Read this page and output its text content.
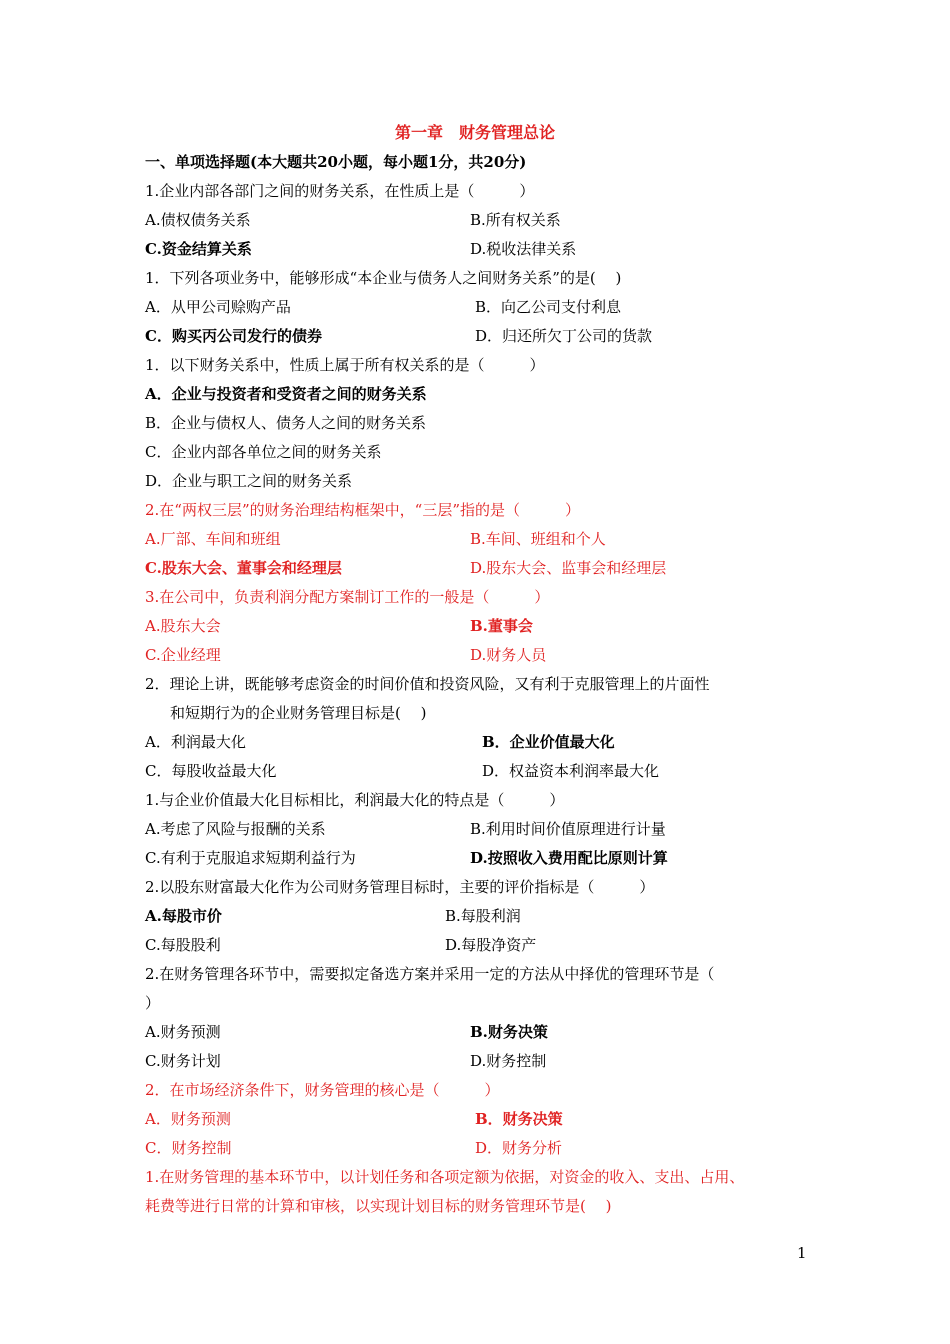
第一章　财务管理总论
一、单项选择题(本大题共20小题，每小题1分，共20分)
1.企业内部各部门之间的财务关系，在性质上是（　　　）
A.债权债务关系	B.所有权关系
C.资金结算关系	D.税收法律关系
1．下列各项业务中，能够形成“本企业与债务人之间财务关系”的是(　 )
A．从甲公司赊购产品	B．向乙公司支付利息
C．购买丙公司发行的债券	D．归还所欠丁公司的货款
1．以下财务关系中，性质上属于所有权关系的是（　　　）
A．企业与投资者和受资者之间的财务关系
B．企业与债权人、债务人之间的财务关系
C．企业内部各单位之间的财务关系
D．企业与职工之间的财务关系
2.在“两权三层”的财务治理结构框架中，“三层”指的是（　　　）
A.厂部、车间和班组	B.车间、班组和个人
C.股东大会、董事会和经理层	D.股东大会、监事会和经理层
3.在公司中，负责利润分配方案制订工作的一般是（　　　）
A.股东大会	B.董事会
C.企业经理	D.财务人员
2．理论上讲，既能够考虑资金的时间价值和投资风险，又有利于克服管理上的片面性
和短期行为的企业财务管理目标是(　 )
A．利润最大化	B．企业价值最大化
C．每股收益最大化	D．权益资本利润率最大化
1.与企业价值最大化目标相比，利润最大化的特点是（　　　）
A.考虑了风险与报酬的关系	B.利用时间价值原理进行计量
C.有利于克服追求短期利益行为	D.按照收入费用配比原则计算
2.以股东财富最大化作为公司财务管理目标时，主要的评价指标是（　　　）
A.每股市价	B.每股利润
C.每股股利	D.每股净资产
2.在财务管理各环节中，需要拟定备选方案并采用一定的方法从中择优的管理环节是（
）
A.财务预测	B.财务决策
C.财务计划	D.财务控制
2．在市场经济条件下，财务管理的核心是（　　　）
A．财务预测	B．财务决策
C．财务控制	D．财务分析
1.在财务管理的基本环节中，以计划任务和各项定额为依据，对资金的收入、支出、占用、
耗费等进行日常的计算和审核，以实现计划目标的财务管理环节是(　 )
1
